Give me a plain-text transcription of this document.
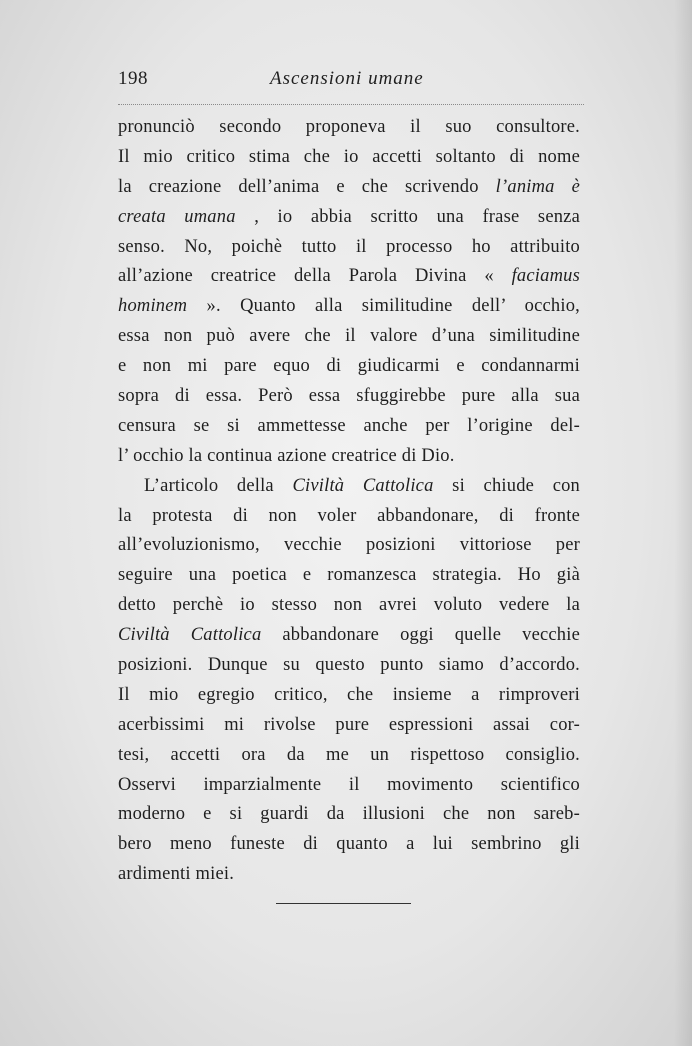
198	Ascensioni umane
pronunciò secondo proponeva il suo consultore.
Il mio critico stima che io accetti soltanto di nome
la creazione dell’anima e che scrivendo l’anima è
creata umana , io abbia scritto una frase senza
senso. No, poichè tutto il processo ho attribuito
all’azione creatrice della Parola Divina « faciamus
hominem ». Quanto alla similitudine dell’ occhio,
essa non può avere che il valore d’una similitudine
e non mi pare equo di giudicarmi e condannarmi
sopra di essa. Però essa sfuggirebbe pure alla sua
censura se si ammettesse anche per l’origine del-
l’ occhio la continua azione creatrice di Dio.
L’articolo della Civiltà Cattolica si chiude con
la protesta di non voler abbandonare, di fronte
all’evoluzionismo, vecchie posizioni vittoriose per
seguire una poetica e romanzesca strategia. Ho già
detto perchè io stesso non avrei voluto vedere la
Civiltà Cattolica abbandonare oggi quelle vecchie
posizioni. Dunque su questo punto siamo d’accordo.
Il mio egregio critico, che insieme a rimproveri
acerbissimi mi rivolse pure espressioni assai cor-
tesi, accetti ora da me un rispettoso consiglio.
Osservi imparzialmente il movimento scientifico
moderno e si guardi da illusioni che non sareb-
bero meno funeste di quanto a lui sembrino gli
ardimenti miei.
